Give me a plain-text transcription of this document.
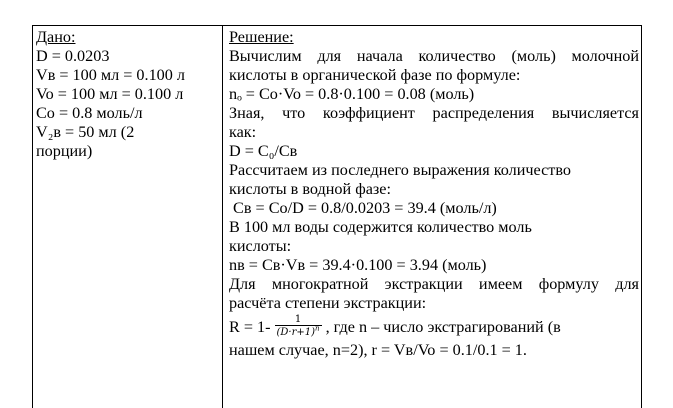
Дано:
D = 0.0203
Vв = 100 мл = 0.100 л
Vo = 100 мл = 0.100 л
Co = 0.8 моль/л
V₂в = 50 мл (2
порции)
Решение:
Вычислим для начала количество (моль) молочной
кислоты в органической фазе по формуле:
nₒ = Co·Vo = 0.8·0.100 = 0.08 (моль)
Зная, что коэффициент распределения вычисляется
как:
D = C₀/Cв
Рассчитаем из последнего выражения количество
кислоты в водной фазе:
Cв = Co/D = 0.8/0.0203 = 39.4 (моль/л)
В 100 мл воды содержится количество моль
кислоты:
nв = Cв·Vв = 39.4·0.100 = 3.94 (моль)
Для многократной экстракции имеем формулу для
расчёта степени экстракции:
$R = 1- \frac{1}{(D\cdot r+1)^n}$ , где n – число экстрагирований (в
нашем случае, n=2), r = Vв/Vo = 0.1/0.1 = 1.
